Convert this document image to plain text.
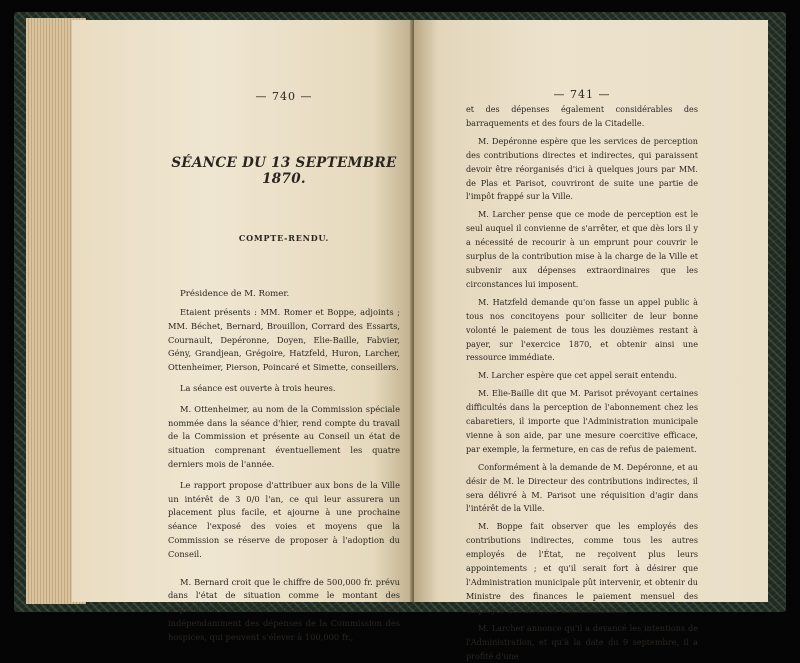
— 740 —

SÉANCE DU 13 SEPTEMBRE 1870.
COMPTE-RENDU.

Présidence de M. Romer.

Etaient présents : MM. Romer et Boppe, adjoints ; MM. Béchet, Bernard, Brouillon, Corrard des Essarts, Cournault, Depéronne, Doyen, Elie-Baille, Fabvier, Gény, Grandjean, Grégoire, Hatzfeld, Huron, Larcher, Ottenheimer, Pierson, Poincaré et Simette, conseillers.

La séance est ouverte à trois heures.

M. Ottenheimer, au nom de la Commission spéciale nommée dans la séance d'hier, rend compte du travail de la Commission et présente au Conseil un état de situation comprenant éventuellement les quatre derniers mois de l'année.

Le rapport propose d'attribuer aux bons de la Ville un intérêt de 3 0/0 l'an, ce qui leur assurera un placement plus facile, et ajourne à une prochaine séance l'exposé des voies et moyens que la Commission se réserve de proposer à l'adoption du Conseil.

M. Bernard croit que le chiffre de 500,000 fr. prévu dans l'état de situation comme le montant des réquisitions est bien au-dessous de la réalité, indépendamment des dépenses de la Commission des hospices, qui peuvent s'élever à 100,000 fr.,

— 741 —

et des dépenses également considérables des barraquements et des fours de la Citadelle.

M. Depéronne espère que les services de perception des contributions directes et indirectes, qui paraissent devoir être réorganisés d'ici à quelques jours par MM. de Plas et Parisot, couvriront de suite une partie de l'impôt frappé sur la Ville.

M. Larcher pense que ce mode de perception est le seul auquel il convienne de s'arrêter, et que dès lors il y a nécessité de recourir à un emprunt pour couvrir le surplus de la contribution mise à la charge de la Ville et subvenir aux dépenses extraordinaires que les circonstances lui imposent.

M. Hatzfeld demande qu'on fasse un appel public à tous nos concitoyens pour solliciter de leur bonne volonté le paiement de tous les douzièmes restant à payer, sur l'exercice 1870, et obtenir ainsi une ressource immédiate.

M. Larcher espère que cet appel serait entendu.

M. Elie-Baille dit que M. Parisot prévoyant certaines difficultés dans la perception de l'abonnement chez les cabaretiers, il importe que l'Administration municipale vienne à son aide, par une mesure coercitive efficace, par exemple, la fermeture, en cas de refus de paiement.

Conformément à la demande de M. Depéronne, et au désir de M. le Directeur des contributions indirectes, il sera délivré à M. Parisot une réquisition d'agir dans l'intérêt de la Ville.

M. Boppe fait observer que les employés des contributions indirectes, comme tous les autres employés de l'État, ne reçoivent plus leurs appointements ; et qu'il serait fort à désirer que l'Administration municipale pût intervenir, et obtenir du Ministre des finances le paiement mensuel des employés des diverses administrations.

M. Larcher annonce qu'il a devancé les intentions de l'Administration, et qu'à la date du 9 septembre, il a profité d'une
